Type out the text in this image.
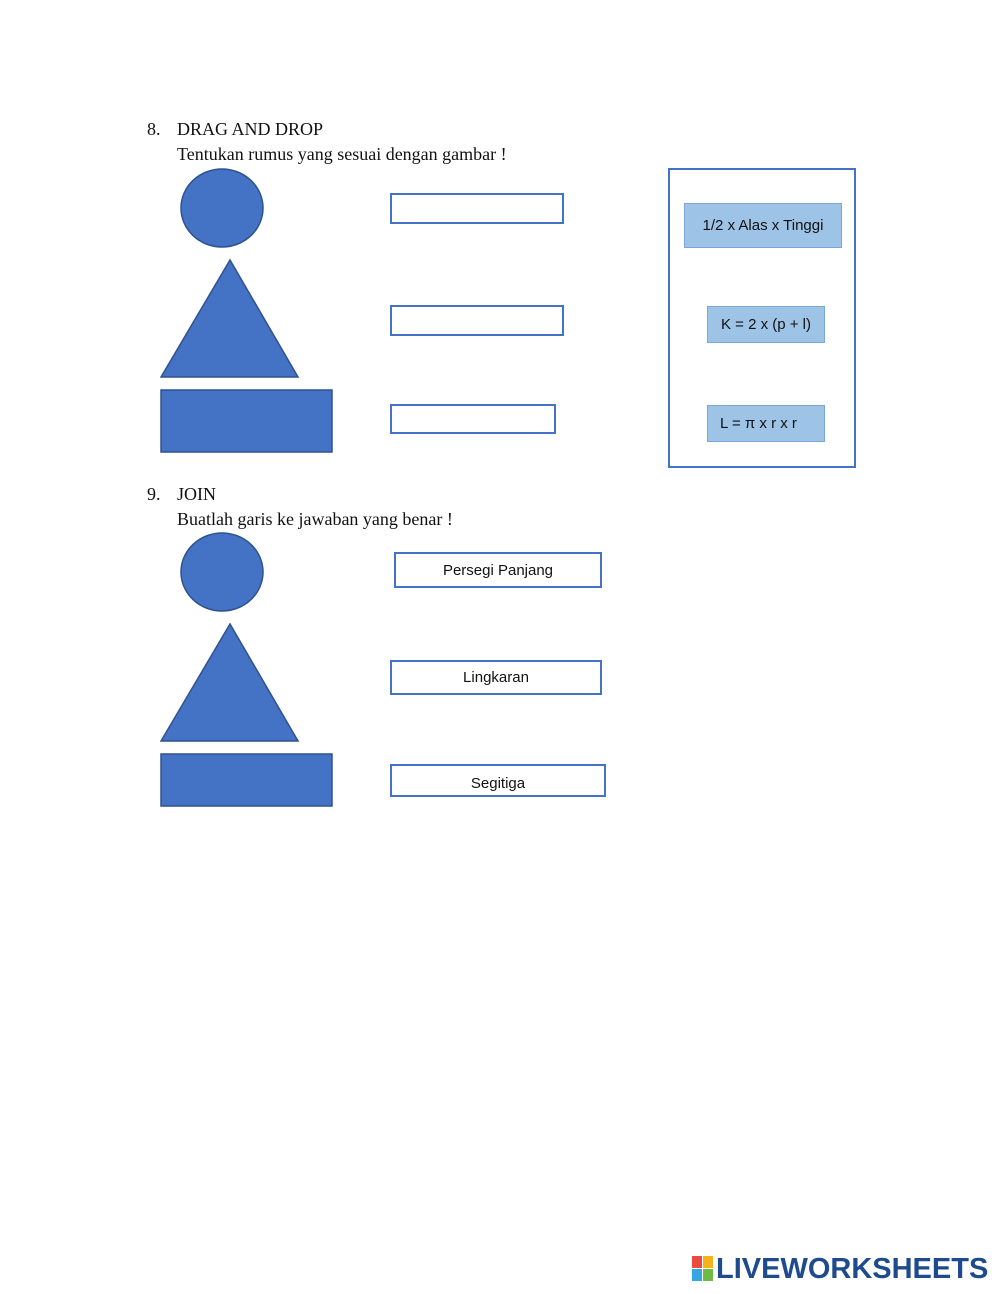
8. DRAG AND DROP
Tentukan rumus yang sesuai dengan gambar !
1/2 x Alas x Tinggi
K = 2 x (p + l)
L = π x r x r
9. JOIN
Buatlah garis ke jawaban yang benar !
Persegi Panjang
Lingkaran
Segitiga
LIVEWORKSHEETS
